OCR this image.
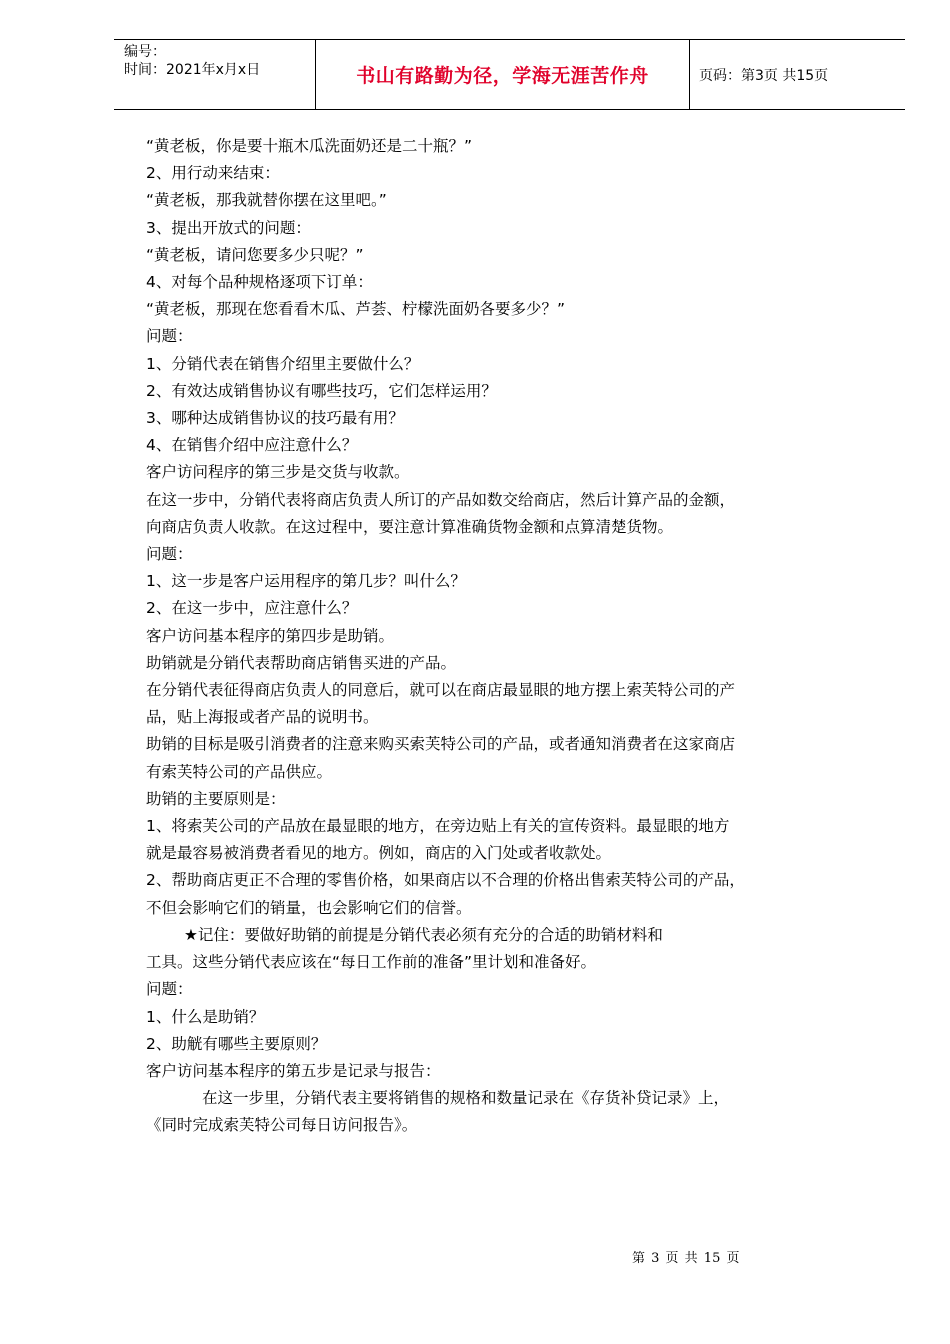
编号：
时间：2021年x月x日	书山有路勤为径，学海无涯苦作舟	页码：第3页 共15页

“黄老板，你是要十瓶木瓜洗面奶还是二十瓶？”

2、用行动来结束：

“黄老板，那我就替你摆在这里吧。”

3、提出开放式的问题：

“黄老板，请问您要多少只呢？”

4、对每个品种规格逐项下订单：

“黄老板，那现在您看看木瓜、芦荟、柠檬洗面奶各要多少？”

问题：

1、分销代表在销售介绍里主要做什么？

2、有效达成销售协议有哪些技巧，它们怎样运用？

3、哪种达成销售协议的技巧最有用？

4、在销售介绍中应注意什么？

客户访问程序的第三步是交货与收款。

在这一步中，分销代表将商店负责人所订的产品如数交给商店，然后计算产品的金额，

向商店负责人收款。在这过程中，要注意计算准确货物金额和点算清楚货物。

问题：

1、这一步是客户运用程序的第几步？叫什么？

2、在这一步中，应注意什么？

客户访问基本程序的第四步是助销。

助销就是分销代表帮助商店销售买进的产品。

在分销代表征得商店负责人的同意后，就可以在商店最显眼的地方摆上索芙特公司的产

品，贴上海报或者产品的说明书。

助销的目标是吸引消费者的注意来购买索芙特公司的产品，或者通知消费者在这家商店

有索芙特公司的产品供应。

助销的主要原则是：

1、将索芙公司的产品放在最显眼的地方，在旁边贴上有关的宣传资料。最显眼的地方

就是最容易被消费者看见的地方。例如，商店的入门处或者收款处。

2、帮助商店更正不合理的零售价格，如果商店以不合理的价格出售索芙特公司的产品，

不但会影响它们的销量，也会影响它们的信誉。

★记住：要做好助销的前提是分销代表必须有充分的合适的助销材料和

工具。这些分销代表应该在“每日工作前的准备”里计划和准备好。

问题：

1、什么是助销？

2、助觥有哪些主要原则？

客户访问基本程序的第五步是记录与报告：

在这一步里，分销代表主要将销售的规格和数量记录在《存货补贷记录》上，

《同时完成索芙特公司每日访问报告》。

第 3 页 共 15 页
